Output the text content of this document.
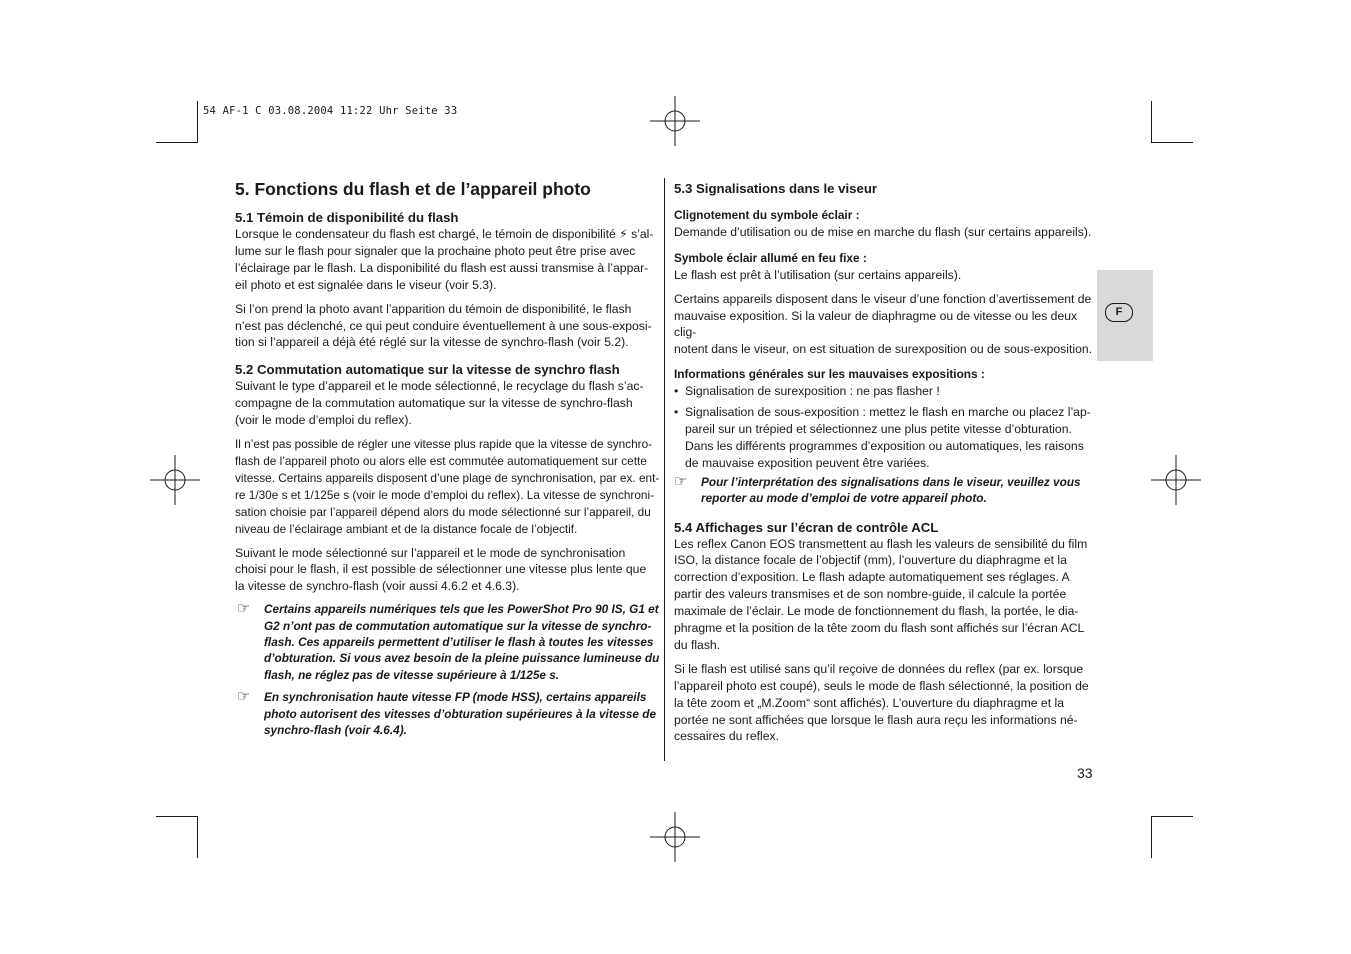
54 AF-1 C 03.08.2004 11:22 Uhr Seite 33
5. Fonctions du flash et de l’appareil photo
5.1 Témoin de disponibilité du flash

Lorsque le condensateur du flash est chargé, le témoin de disponibilité ⚡ s’al-
lume sur le flash pour signaler que la prochaine photo peut être prise avec
l’éclairage par le flash. La disponibilité du flash est aussi transmise à l’appar-
eil photo et est signalée dans le viseur (voir 5.3).

Si l’on prend la photo avant l’apparition du témoin de disponibilité, le flash
n’est pas déclenché, ce qui peut conduire éventuellement à une sous-exposi-
tion si l’appareil a déjà été réglé sur la vitesse de synchro-flash (voir 5.2).

5.2 Commutation automatique sur la vitesse de synchro flash

Suivant le type d’appareil et le mode sélectionné, le recyclage du flash s’ac-
compagne de la commutation automatique sur la vitesse de synchro-flash
(voir le mode d’emploi du reflex).

Il n’est pas possible de régler une vitesse plus rapide que la vitesse de synchro-
flash de l’appareil photo ou alors elle est commutée automatiquement sur cette
vitesse. Certains appareils disposent d’une plage de synchronisation, par ex. ent-
re 1/30e s et 1/125e s (voir le mode d’emploi du reflex). La vitesse de synchroni-
sation choisie par l’appareil dépend alors du mode sélectionné sur l’appareil, du
niveau de l’éclairage ambiant et de la distance focale de l’objectif.

Suivant le mode sélectionné sur l’appareil et le mode de synchronisation
choisi pour le flash, il est possible de sélectionner une vitesse plus lente que
la vitesse de synchro-flash (voir aussi 4.6.2 et 4.6.3).

☞	Certains appareils numériques tels que les PowerShot Pro 90 IS, G1 et
G2 n’ont pas de commutation automatique sur la vitesse de synchro-
flash. Ces appareils permettent d’utiliser le flash à toutes les vitesses
d’obturation. Si vous avez besoin de la pleine puissance lumineuse du
flash, ne réglez pas de vitesse supérieure à 1/125e s.
☞	En synchronisation haute vitesse FP (mode HSS), certains appareils
photo autorisent des vitesses d’obturation supérieures à la vitesse de
synchro-flash (voir 4.6.4).
5.3 Signalisations dans le viseur

Clignotement du symbole éclair :

Demande d’utilisation ou de mise en marche du flash (sur certains appareils).

Symbole éclair allumé en feu fixe :

Le flash est prêt à l’utilisation (sur certains appareils).

Certains appareils disposent dans le viseur d’une fonction d’avertissement de
mauvaise exposition. Si la valeur de diaphragme ou de vitesse ou les deux clig-
notent dans le viseur, on est situation de surexposition ou de sous-exposition.

Informations générales sur les mauvaises expositions :

• Signalisation de surexposition : ne pas flasher !
• Signalisation de sous-exposition : mettez le flash en marche ou placez l’ap-
pareil sur un trépied et sélectionnez une plus petite vitesse d’obturation.
Dans les différents programmes d’exposition ou automatiques, les raisons
de mauvaise exposition peuvent être variées.
☞	Pour l’interprétation des signalisations dans le viseur, veuillez vous
reporter au mode d’emploi de votre appareil photo.
5.4 Affichages sur l’écran de contrôle ACL

Les reflex Canon EOS transmettent au flash les valeurs de sensibilité du film
ISO, la distance focale de l’objectif (mm), l’ouverture du diaphragme et la
correction d’exposition. Le flash adapte automatiquement ses réglages. A
partir des valeurs transmises et de son nombre-guide, il calcule la portée
maximale de l’éclair. Le mode de fonctionnement du flash, la portée, le dia-
phragme et la position de la tête zoom du flash sont affichés sur l’écran ACL
du flash.

Si le flash est utilisé sans qu’il reçoive de données du reflex (par ex. lorsque
l’appareil photo est coupé), seuls le mode de flash sélectionné, la position de
la tête zoom et „M.Zoom“ sont affichés). L’ouverture du diaphragme et la
portée ne sont affichées que lorsque le flash aura reçu les informations né-
cessaires du reflex.

F
33
